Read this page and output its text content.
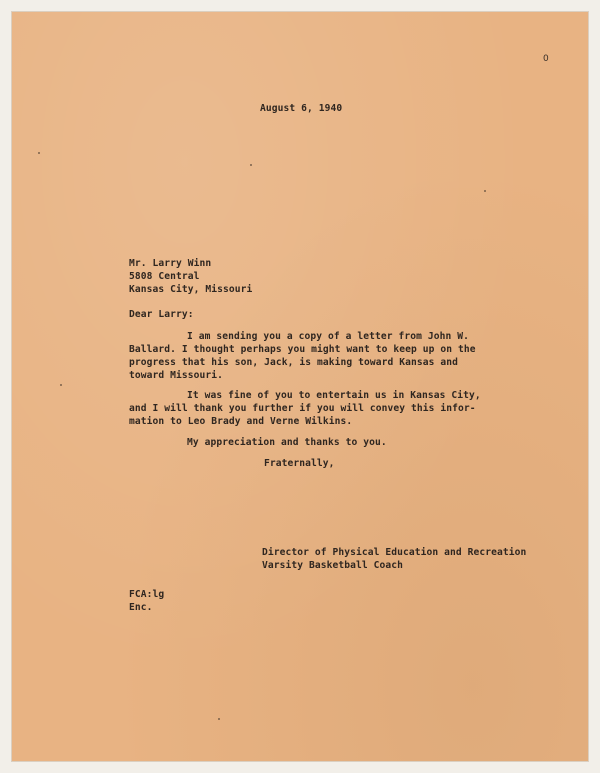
0

August 6, 1940

Mr. Larry Winn

5808 Central

Kansas City, Missouri

Dear Larry:

I am sending you a copy of a letter from John W.

Ballard. I thought perhaps you might want to keep up on the

progress that his son, Jack, is making toward Kansas and

toward Missouri.

It was fine of you to entertain us in Kansas City,

and I will thank you further if you will convey this infor-

mation to Leo Brady and Verne Wilkins.

My appreciation and thanks to you.

Fraternally,

Director of Physical Education and Recreation

Varsity Basketball Coach

FCA:lg

Enc.
